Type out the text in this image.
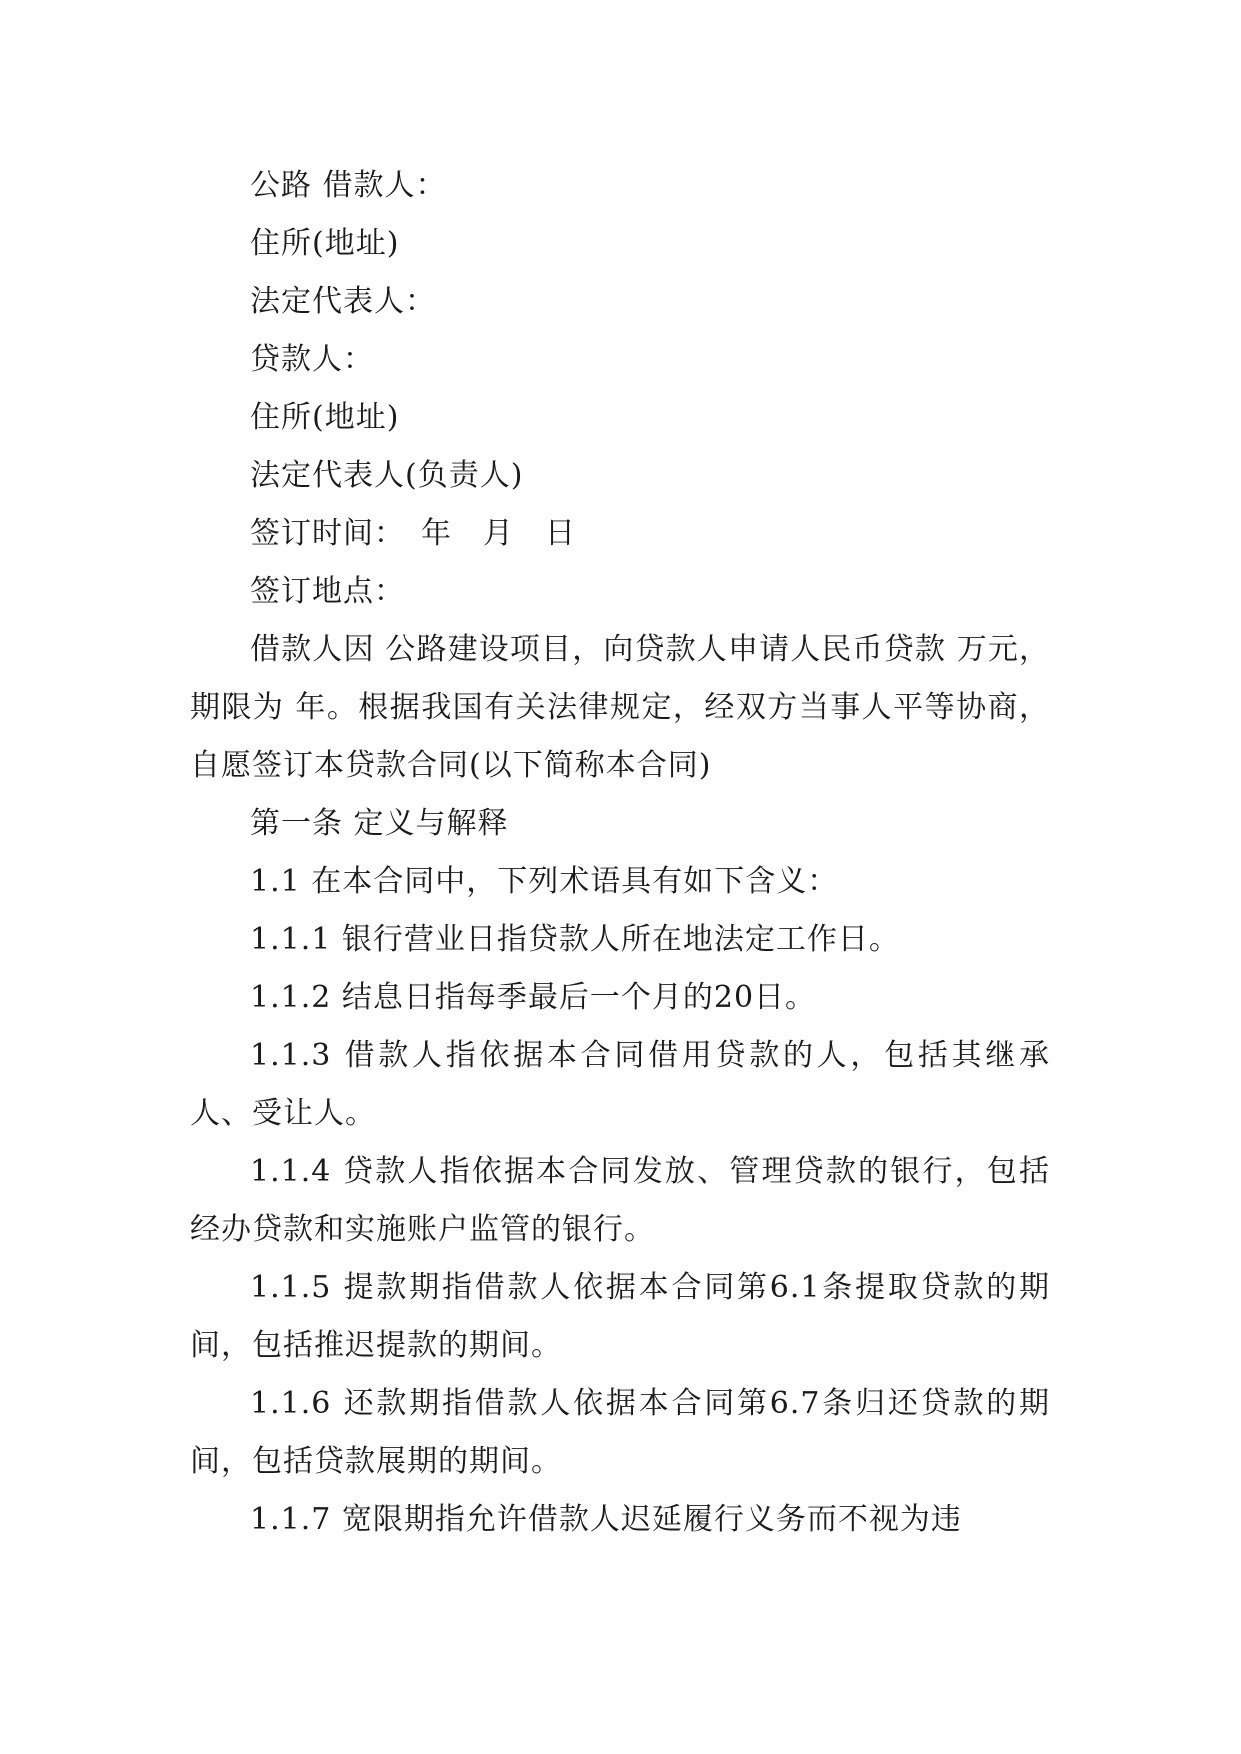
公路 借款人：

住所(地址)

法定代表人：

贷款人：

住所(地址)

法定代表人(负责人)

签订时间：　年　月　日

签订地点：

借款人因 公路建设项目，向贷款人申请人民币贷款 万元，期限为 年。根据我国有关法律规定，经双方当事人平等协商，自愿签订本贷款合同(以下简称本合同)

第一条 定义与解释

1.1 在本合同中，下列术语具有如下含义：

1.1.1 银行营业日指贷款人所在地法定工作日。

1.1.2 结息日指每季最后一个月的20日。

1.1.3 借款人指依据本合同借用贷款的人，包括其继承人、受让人。

1.1.4 贷款人指依据本合同发放、管理贷款的银行，包括经办贷款和实施账户监管的银行。

1.1.5 提款期指借款人依据本合同第6.1条提取贷款的期间，包括推迟提款的期间。

1.1.6 还款期指借款人依据本合同第6.7条归还贷款的期间，包括贷款展期的期间。

1.1.7 宽限期指允许借款人迟延履行义务而不视为违
